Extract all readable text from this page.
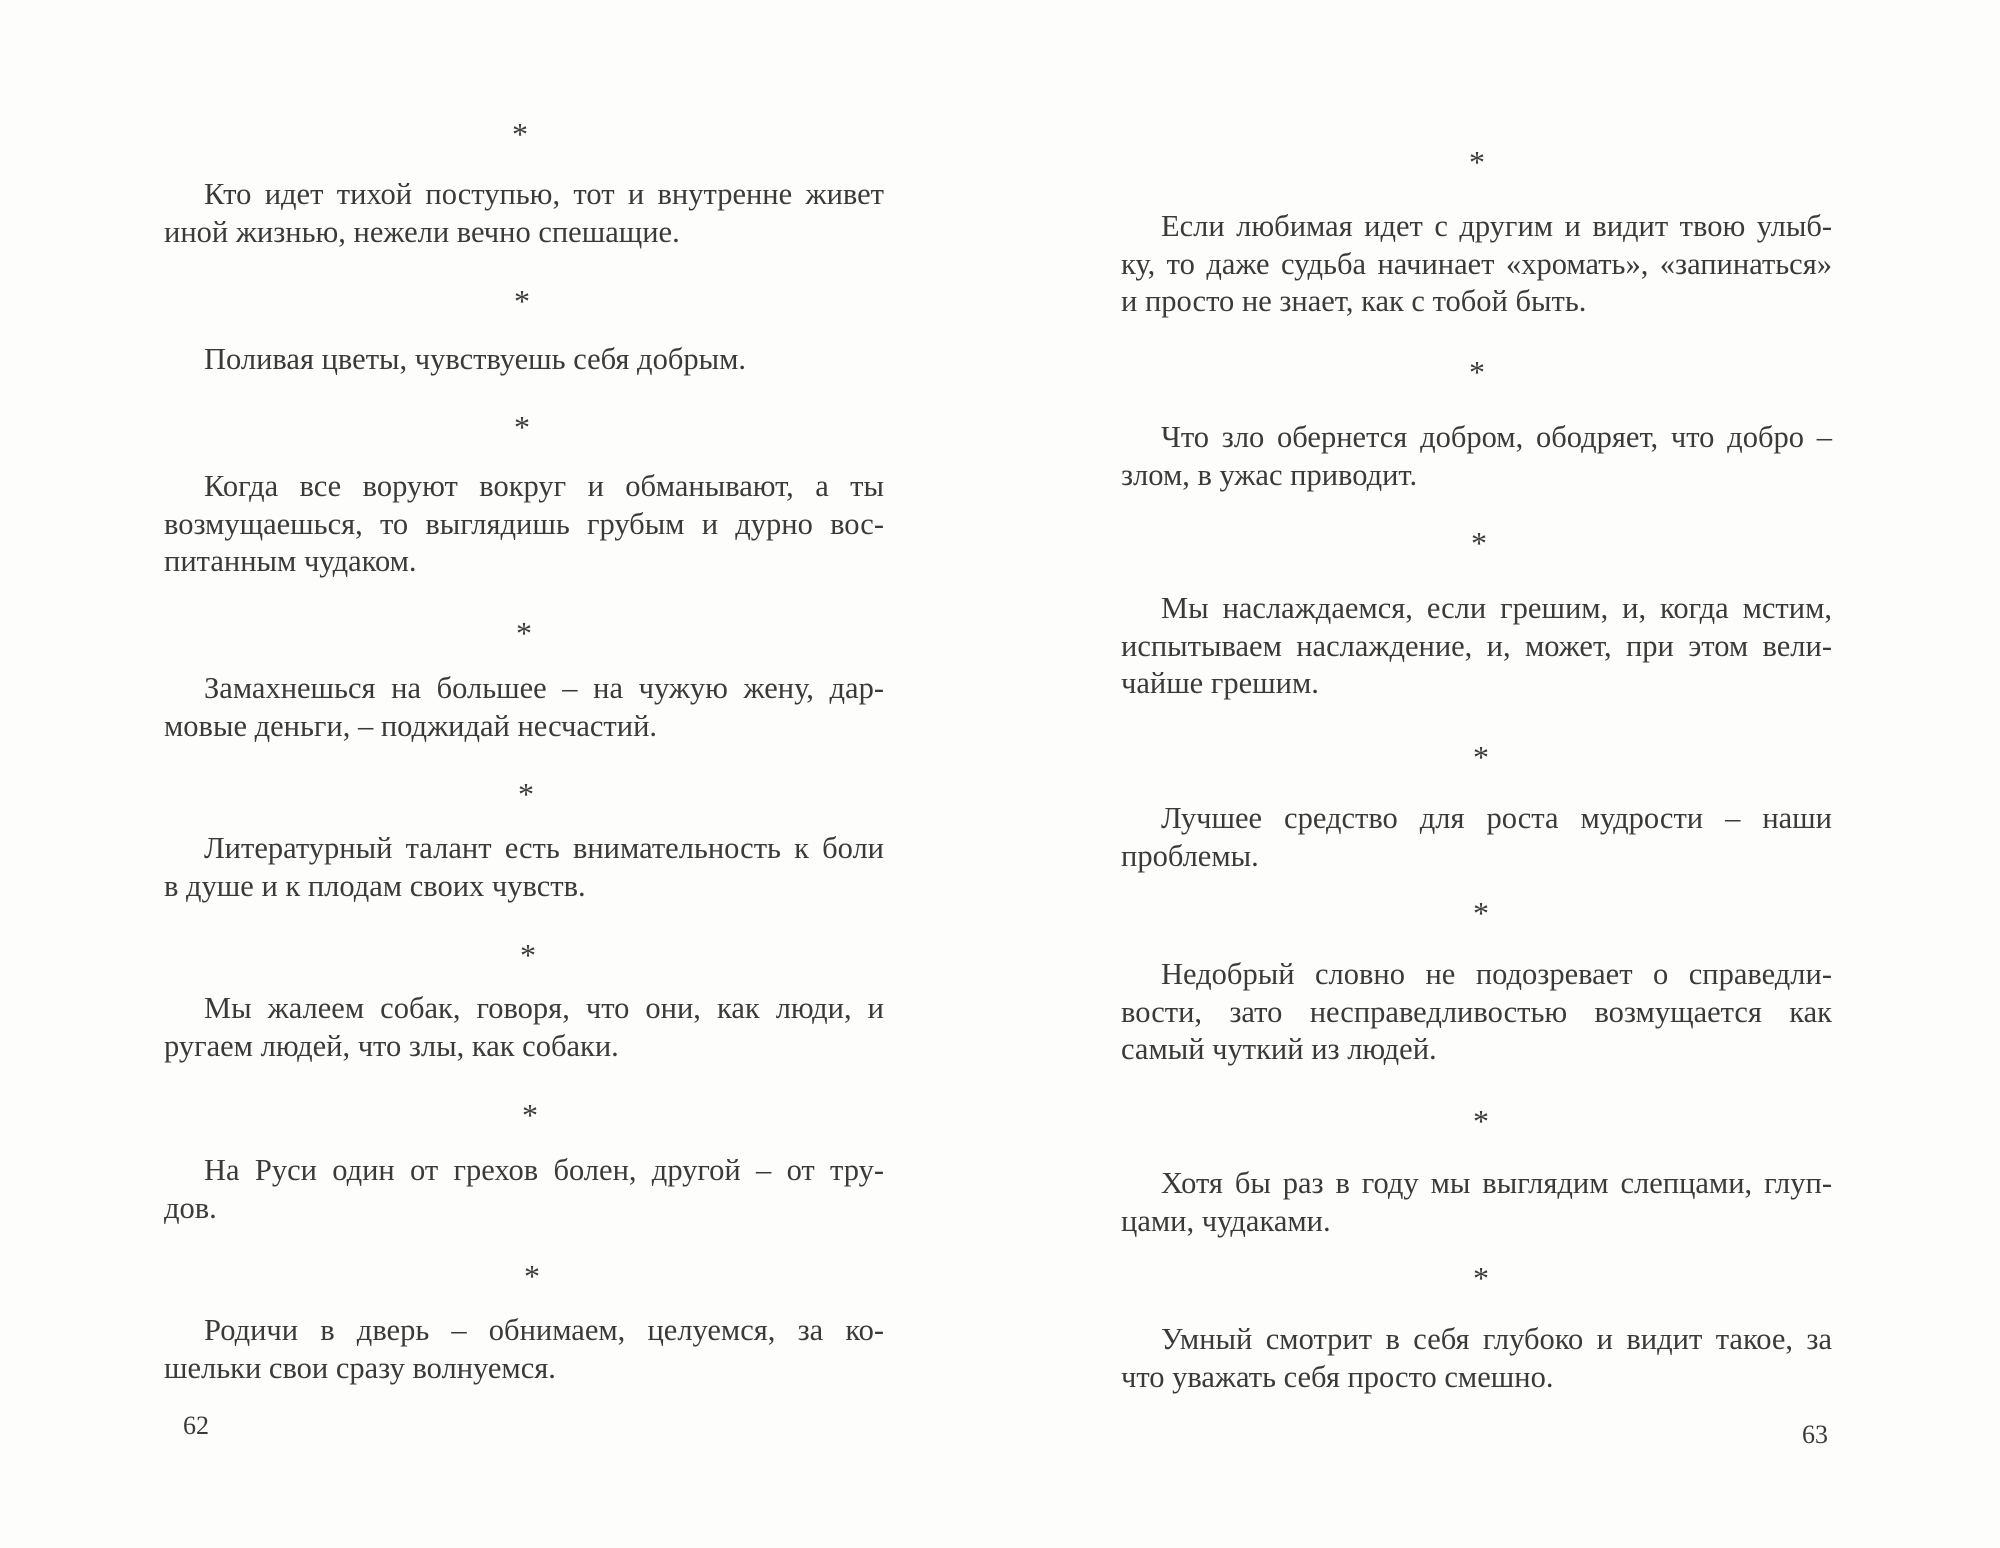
*
Кто идет тихой поступью, тот и внутренне живет
иной жизнью, нежели вечно спешащие.
*
Поливая цветы, чувствуешь себя добрым.
*
Когда все воруют вокруг и обманывают, а ты
возмущаешься, то выглядишь грубым и дурно вос-
питанным чудаком.
*
Замахнешься на большее – на чужую жену, дар-
мовые деньги, – поджидай несчастий.
*
Литературный талант есть внимательность к боли
в душе и к плодам своих чувств.
*
Мы жалеем собак, говоря, что они, как люди, и
ругаем людей, что злы, как собаки.
*
На Руси один от грехов болен, другой – от тру-
дов.
*
Родичи в дверь – обнимаем, целуемся, за ко-
шельки свои сразу волнуемся.
62
*
Если любимая идет с другим и видит твою улыб-
ку, то даже судьба начинает «хромать», «запинаться»
и просто не знает, как с тобой быть.
*
Что зло обернется добром, ободряет, что добро –
злом, в ужас приводит.
*
Мы наслаждаемся, если грешим, и, когда мстим,
испытываем наслаждение, и, может, при этом вели-
чайше грешим.
*
Лучшее средство для роста мудрости – наши
проблемы.
*
Недобрый словно не подозревает о справедли-
вости, зато несправедливостью возмущается как
самый чуткий из людей.
*
Хотя бы раз в году мы выглядим слепцами, глуп-
цами, чудаками.
*
Умный смотрит в себя глубоко и видит такое, за
что уважать себя просто смешно.
63
